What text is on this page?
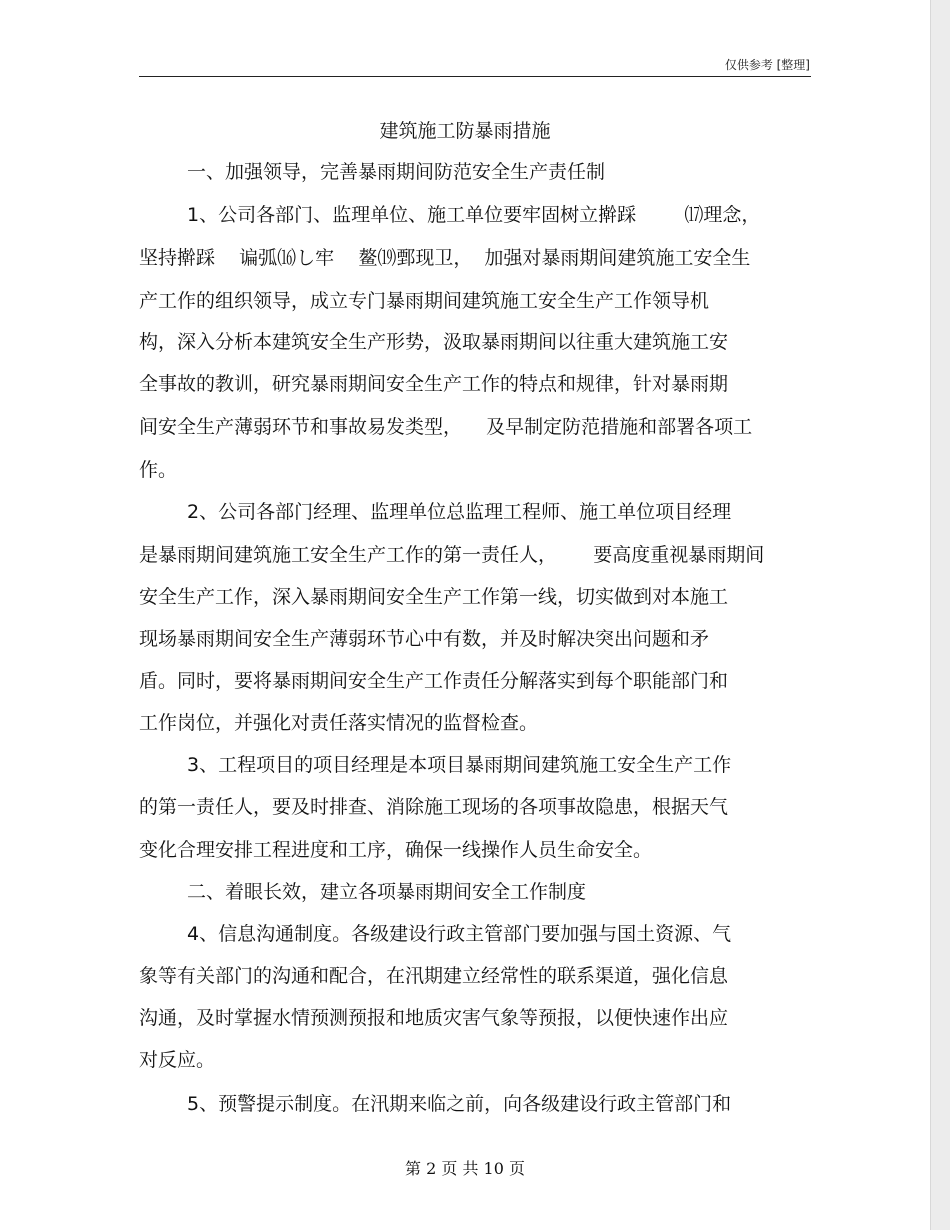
仅供参考 [整理]
建筑施工防暴雨措施
一、加强领导，完善暴雨期间防范安全生产责任制
1、公司各部门、监理单位、施工单位要牢固树立擀踩        ⒄理念，
坚持擀踩    谝弧⒃し牢    鳌⒆鄄现卫，  加强对暴雨期间建筑施工安全生
产工作的组织领导，成立专门暴雨期间建筑施工安全生产工作领导机
构，深入分析本建筑安全生产形势，汲取暴雨期间以往重大建筑施工安
全事故的教训，研究暴雨期间安全生产工作的特点和规律，针对暴雨期
间安全生产薄弱环节和事故易发类型，    及早制定防范措施和部署各项工
作。
2、公司各部门经理、监理单位总监理工程师、施工单位项目经理
是暴雨期间建筑施工安全生产工作的第一责任人，      要高度重视暴雨期间
安全生产工作，深入暴雨期间安全生产工作第一线，切实做到对本施工
现场暴雨期间安全生产薄弱环节心中有数，并及时解决突出问题和矛
盾。同时，要将暴雨期间安全生产工作责任分解落实到每个职能部门和
工作岗位，并强化对责任落实情况的监督检查。
3、工程项目的项目经理是本项目暴雨期间建筑施工安全生产工作
的第一责任人，要及时排查、消除施工现场的各项事故隐患，根据天气
变化合理安排工程进度和工序，确保一线操作人员生命安全。
二、着眼长效，建立各项暴雨期间安全工作制度
4、信息沟通制度。各级建设行政主管部门要加强与国土资源、气
象等有关部门的沟通和配合，在汛期建立经常性的联系渠道，强化信息
沟通，及时掌握水情预测预报和地质灾害气象等预报，以便快速作出应
对反应。
5、预警提示制度。在汛期来临之前，向各级建设行政主管部门和
第 2 页 共 10 页
